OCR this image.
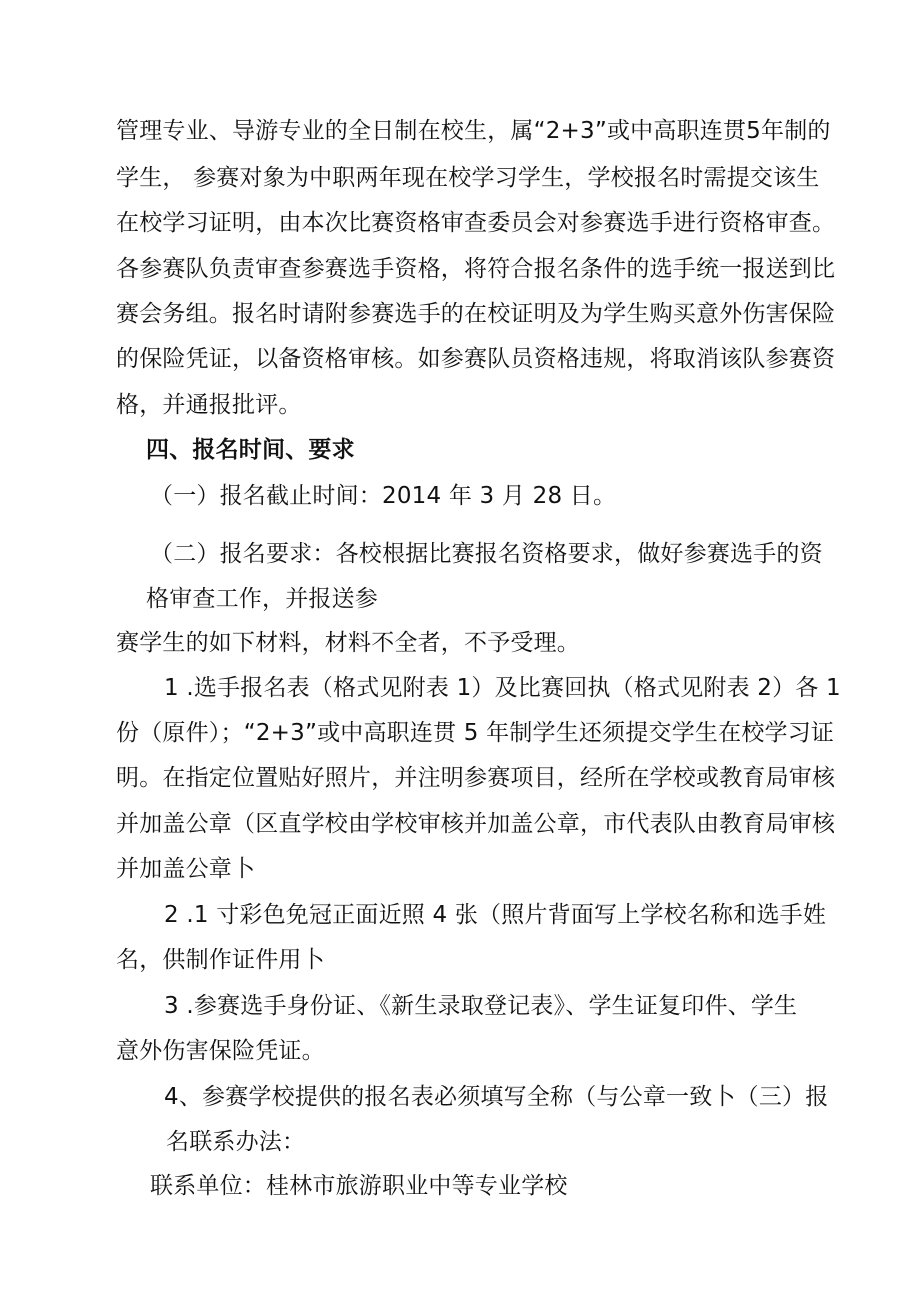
管理专业、导游专业的全日制在校生，属“2+3”或中高职连贯5年制的
学生， 参赛对象为中职两年现在校学习学生，学校报名时需提交该生
在校学习证明，由本次比赛资格审查委员会对参赛选手进行资格审查。
各参赛队负责审查参赛选手资格，将符合报名条件的选手统一报送到比
赛会务组。报名时请附参赛选手的在校证明及为学生购买意外伤害保险
的保险凭证，以备资格审核。如参赛队员资格违规，将取消该队参赛资
格，并通报批评。
四、报名时间、要求
（一）报名截止时间：2014 年 3 月 28 日。
（二）报名要求：各校根据比赛报名资格要求，做好参赛选手的资
格审查工作，并报送参
赛学生的如下材料，材料不全者，不予受理。
1 .选手报名表（格式见附表 1）及比赛回执（格式见附表 2）各 1
份（原件）；“2+3”或中高职连贯 5 年制学生还须提交学生在校学习证
明。在指定位置贴好照片，并注明参赛项目，经所在学校或教育局审核
并加盖公章（区直学校由学校审核并加盖公章，市代表队由教育局审核
并加盖公章卜
2 .1 寸彩色免冠正面近照 4 张（照片背面写上学校名称和选手姓
名，供制作证件用卜
3 .参赛选手身份证、《新生录取登记表》、学生证复印件、学生
意外伤害保险凭证。
4、参赛学校提供的报名表必须填写全称（与公章一致卜（三）报
名联系办法：
联系单位：桂林市旅游职业中等专业学校
